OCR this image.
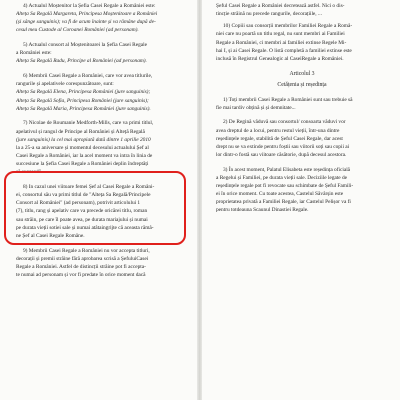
4) Actualul Moștenitor la Șefia Casei Regale a României este:
Alteța Sa Regală Margareta, Principesa Moștenitoare a României
(și sânge sanguinis); va fi de acum înainte și va rămâne după de-
cesul meu Custode al Coroanei României (ad personam).
5) Actualul consort al Moștenitoarei la Șefia Casei Regale
a României este:
Alteța Sa Regală Radu, Principe al României (ad personam).
6) Membrii Casei Regale a României, care vor avea titlurile,
rangurile și apelativele corespunzătoare, sunt:
Alteța Sa Regală Elena, Principesa României (jure sanguinis);
Alteța Sa Regală Sofia, Principesa României (jure sanguinis);
Alteța Sa Regală Maria, Principesa României (jure sanguinis).
7) Nicolae de Roumanie Medforth-Mills, care va primi titlul,
apelativul și rangul de Principe al României și Alteță Regală
(jure sanguinis) la cel mai apropiată dată dintre 1 aprilie 2010
la a 25-a sa aniversare și momentul decesului actualului Șef al
Casei Regale a României, iar la acel moment va intra în linia de
succesiune la Șefia Casei Regale a României deplin îndreptăți
să succeadă.
8) In cazul unei viitoare femei Șef al Casei Regale a Români-
ei, consortul său va primi titlul de "Alteța Sa Regală/Principele
Consort al României" (ad personam), potrivit articolului 1
(7), titlu, rang și apelativ care va precede oricărei titlu, roman
sau străin, pe care îl poate avea, pe durata mariajului și numai
pe durata vieții sotiei sale și numai atâtaingrijte că aceasta rămâ-
ne Șef al Casei Regale Române.
9) Membrii Casei Regale a României nu vor accepta titluri,
decorații și premii străine fără aprobarea scrisă a ȘefuluiCasei
Regale a României. Astfel de distincții străine pot fi accepta-
te numai ad personam și vor fi predate în orice moment dacă
Șeful Casei Regale a României decretează astfel. Nici o dis-
tincție străină nu precede rangurile, decorațiile, ...
10) Copiii sau consorții membrilor Familiei Regale a Româ-
niei care nu poartă un titlu regal, nu sunt membri ai Familiei
Regale a României, ci membri ai familiei extinse Regele Mi-
hai I, și ai Casei Regale. O listă completă a familiei extinse este
inclusă în Registrul Genealogic al CaseiRegale a României.
Articolul 3
Cetățenia și reședința
1) Toți membrii Casei Regale a României sunt sau trebuie să
fie mai tardiv obțină și și demnitate...
2) De Regină văduvă sau consortul/ consoarta văduvi vor
avea dreptul de a locui, pentru restul vieții, într-una dintre
reședințele regale, stabilită de Șeful Casei Regale, dar acest
drept nu se va extinde pentru foștii sau viitorii soți sau copii ai
lor dintr-o fostă sau viitoare căsătorie, după decesul acestora.
3) În acest moment, Palatul Elisabeta este reședința oficială
a Regelui și Familiei, pe durata vieții sale. Deciziile legate de
reședințele regale pot fi revocate sau schimbate de Șeful Famili-
ei în orice moment. Cu toate acestea, Castelul Săvârșin este
proprietatea privată a Familiei Regale, iar Castelul Pelișor va fi
pentru totdeauna Scaunul Dinastiei Regale.
